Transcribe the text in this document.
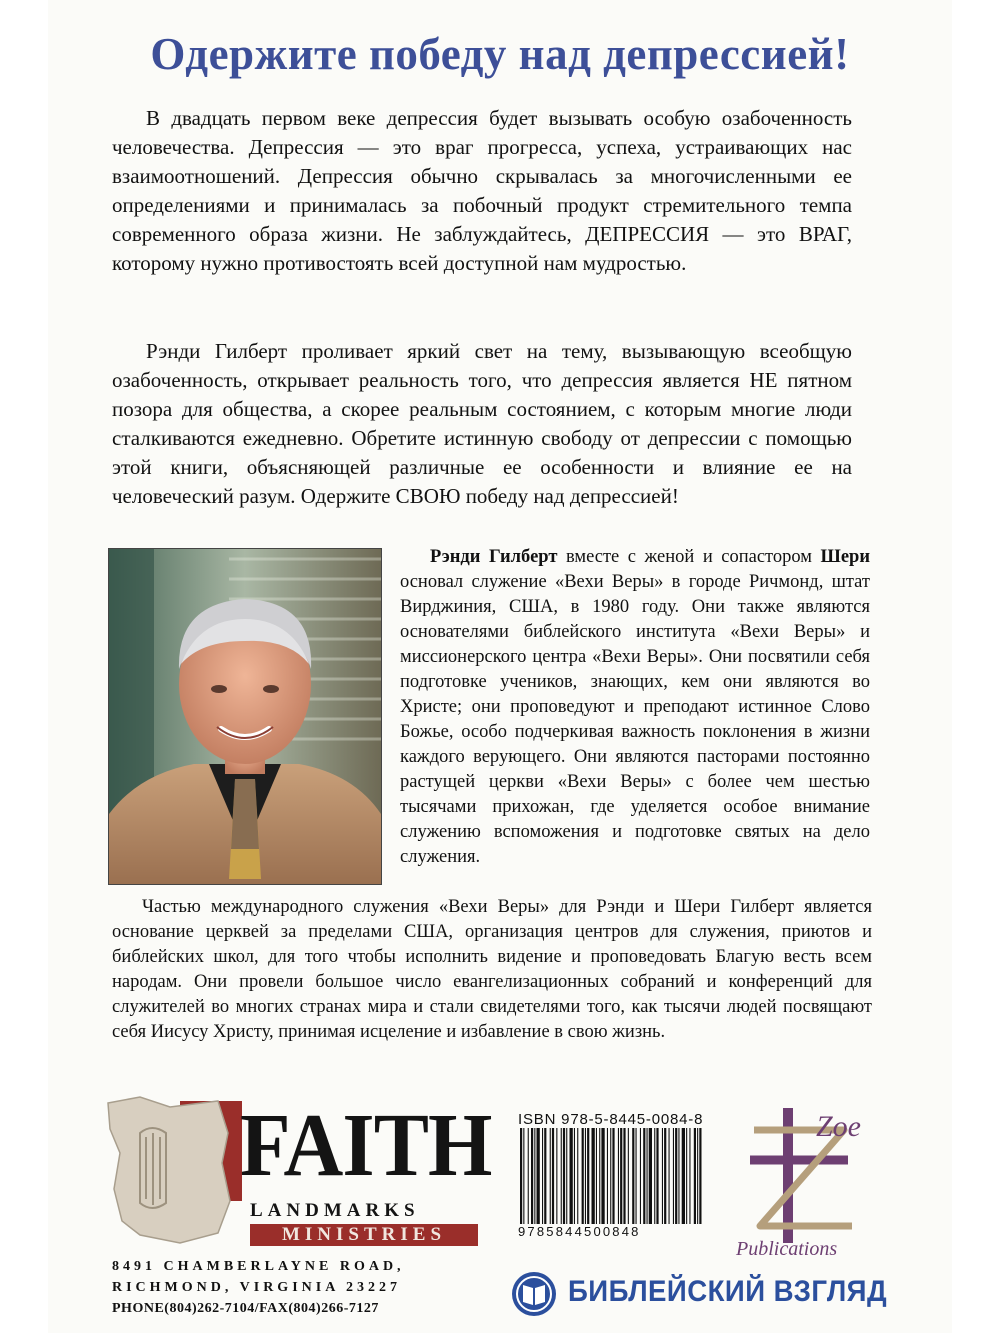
Одержите победу над депрессией!

В двадцать первом веке депрессия будет вызывать особую озабоченность человечества. Депрессия — это враг прогресса, успеха, устраивающих нас взаимоотношений. Депрессия обычно скрывалась за многочисленными ее определениями и принималась за побочный продукт стремительного темпа современного образа жизни. Не заблуждайтесь, ДЕПРЕССИЯ — это ВРАГ, которому нужно противостоять всей доступной нам мудростью.

Рэнди Гилберт проливает яркий свет на тему, вызывающую всеобщую озабоченность, открывает реальность того, что депрессия является НЕ пятном позора для общества, а скорее реальным состоянием, с которым многие люди сталкиваются ежедневно. Обретите истинную свободу от депрессии с помощью этой книги, объясняющей различные ее особенности и влияние ее на человеческий разум. Одержите СВОЮ победу над депрессией!

Рэнди Гилберт вместе с женой и сопастором Шери основал служение «Вехи Веры» в городе Ричмонд, штат Вирджиния, США, в 1980 году. Они также являются основателями библейского института «Вехи Веры» и миссионерского центра «Вехи Веры». Они посвятили себя подготовке учеников, знающих, кем они являются во Христе; они проповедуют и преподают истинное Слово Божье, особо подчеркивая важность поклонения в жизни каждого верующего. Они являются пасторами постоянно растущей церкви «Вехи Веры» с более чем шестью тысячами прихожан, где уделяется особое внимание служению вспоможения и подготовке святых на дело служения.

Частью международного служения «Вехи Веры» для Рэнди и Шери Гилберт является основание церквей за пределами США, организация центров для служения, приютов и библейских школ, для того чтобы исполнить видение и проповедовать Благую весть всем народам. Они провели большое число евангелизационных собраний и конференций для служителей во многих странах мира и стали свидетелями того, как тысячи людей посвящают себя Иисусу Христу, принимая исцеление и избавление в свою жизнь.

FAITH
LANDMARKS
MINISTRIES
8491 CHAMBERLAYNE ROAD,
RICHMOND, VIRGINIA 23227
PHONE(804)262-7104/FAX(804)266-7127
ISBN 978-5-8445-0084-8
9785844500848
Zoe
Publications
БИБЛЕЙСКИЙ ВЗГЛЯД
